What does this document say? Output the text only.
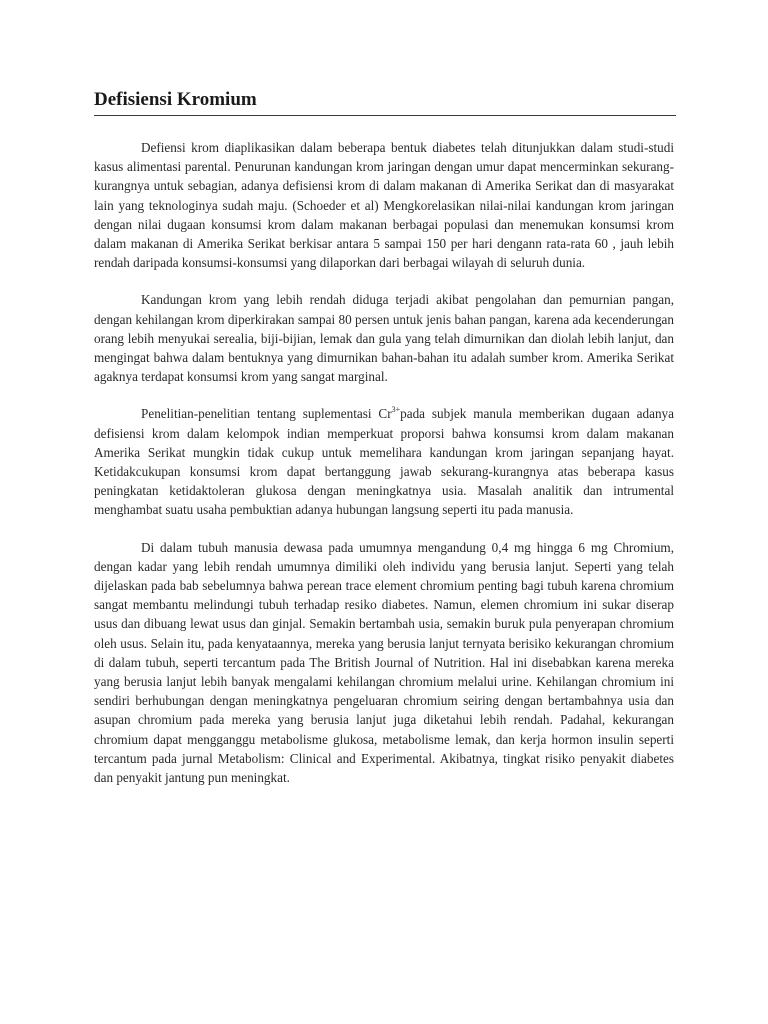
Defisiensi Kromium

Defiensi krom diaplikasikan dalam beberapa bentuk diabetes telah ditunjukkan dalam studi-studi kasus alimentasi parental. Penurunan kandungan krom jaringan dengan umur dapat mencerminkan sekurang-kurangnya untuk sebagian, adanya defisiensi krom di dalam makanan di Amerika Serikat dan di masyarakat lain yang teknologinya sudah maju. (Schoeder et al) Mengkorelasikan nilai-nilai kandungan krom jaringan dengan nilai dugaan konsumsi krom dalam makanan berbagai populasi dan menemukan konsumsi krom dalam makanan di Amerika Serikat berkisar antara 5 sampai 150 per hari dengann rata-rata 60 , jauh lebih rendah daripada konsumsi-konsumsi yang dilaporkan dari berbagai wilayah di seluruh dunia.

Kandungan krom yang lebih rendah diduga terjadi akibat pengolahan dan pemurnian pangan, dengan kehilangan krom diperkirakan sampai 80 persen untuk jenis bahan pangan, karena ada kecenderungan orang lebih menyukai serealia, biji-bijian, lemak dan gula yang telah dimurnikan dan diolah lebih lanjut, dan mengingat bahwa dalam bentuknya yang dimurnikan bahan-bahan itu adalah sumber krom. Amerika Serikat agaknya terdapat konsumsi krom yang sangat marginal.

Penelitian-penelitian tentang suplementasi $Cr^{3+}pada$ subjek manula memberikan dugaan adanya defisiensi krom dalam kelompok indian memperkuat proporsi bahwa konsumsi krom dalam makanan Amerika Serikat mungkin tidak cukup untuk memelihara kandungan krom jaringan sepanjang hayat. Ketidakcukupan konsumsi krom dapat bertanggung jawab sekurang-kurangnya atas beberapa kasus peningkatan ketidaktoleran glukosa dengan meningkatnya usia. Masalah analitik dan intrumental menghambat suatu usaha pembuktian adanya hubungan langsung seperti itu pada manusia.

Di dalam tubuh manusia dewasa pada umumnya mengandung 0,4 mg hingga 6 mg Chromium, dengan kadar yang lebih rendah umumnya dimiliki oleh individu yang berusia lanjut. Seperti yang telah dijelaskan pada bab sebelumnya bahwa perean trace element chromium penting bagi tubuh karena chromium sangat membantu melindungi tubuh terhadap resiko diabetes. Namun, elemen chromium ini sukar diserap usus dan dibuang lewat usus dan ginjal. Semakin bertambah usia, semakin buruk pula penyerapan chromium oleh usus. Selain itu, pada kenyataannya, mereka yang berusia lanjut ternyata berisiko kekurangan chromium di dalam tubuh, seperti tercantum pada The British Journal of Nutrition. Hal ini disebabkan karena mereka yang berusia lanjut lebih banyak mengalami kehilangan chromium melalui urine. Kehilangan chromium ini sendiri berhubungan dengan meningkatnya pengeluaran chromium seiring dengan bertambahnya usia dan asupan chromium pada mereka yang berusia lanjut juga diketahui lebih rendah. Padahal, kekurangan chromium dapat mengganggu metabolisme glukosa, metabolisme lemak, dan kerja hormon insulin seperti tercantum pada jurnal Metabolism: Clinical and Experimental. Akibatnya, tingkat risiko penyakit diabetes dan penyakit jantung pun meningkat.
